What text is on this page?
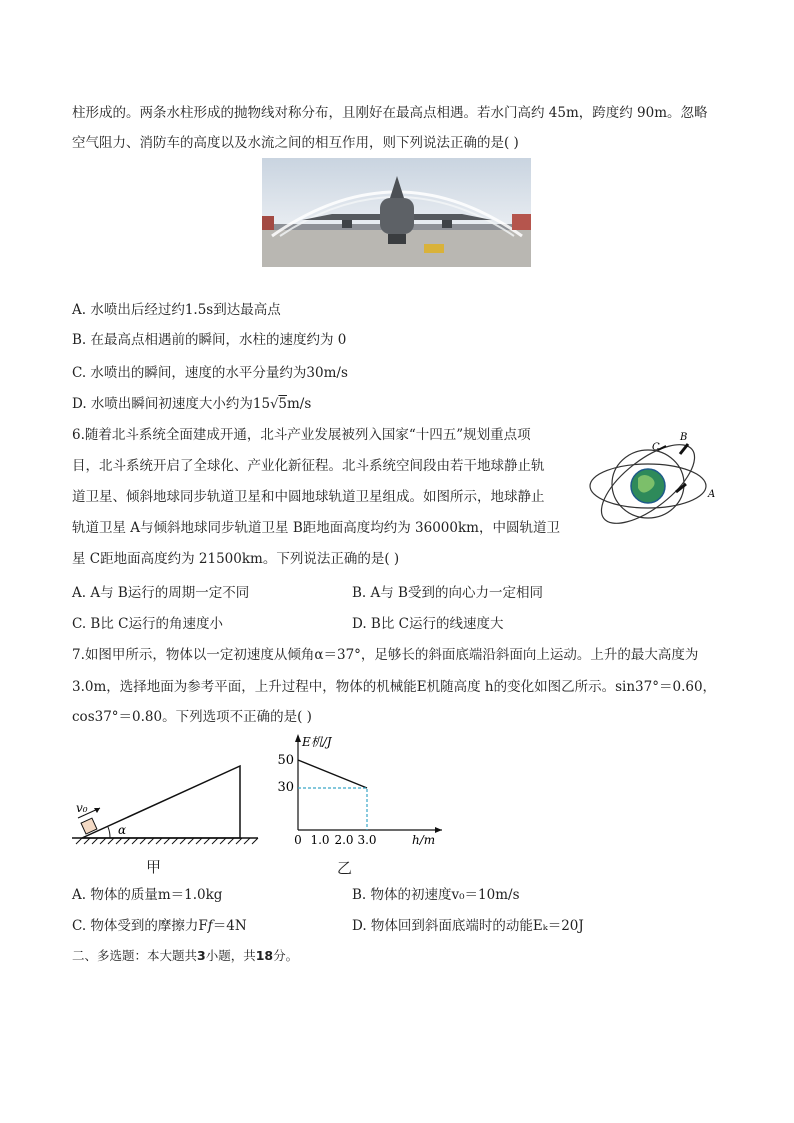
柱形成的。两条水柱形成的抛物线对称分布，且刚好在最高点相遇。若水门高约 45m，跨度约 90m。忽略
空气阻力、消防车的高度以及水流之间的相互作用，则下列说法正确的是( )
A. 水喷出后经过约1.5s到达最高点
B. 在最高点相遇前的瞬间，水柱的速度约为 0
C. 水喷出的瞬间，速度的水平分量约为30m/s
D. 水喷出瞬间初速度大小约为15√5m/s
6.随着北斗系统全面建成开通，北斗产业发展被列入国家“十四五”规划重点项
目，北斗系统开启了全球化、产业化新征程。北斗系统空间段由若干地球静止轨
道卫星、倾斜地球同步轨道卫星和中圆地球轨道卫星组成。如图所示，地球静止
轨道卫星 A与倾斜地球同步轨道卫星 B距地面高度均约为 36000km，中圆轨道卫
星 C距地面高度约为 21500km。下列说法正确的是( )
B
C
A
A. A与 B运行的周期一定不同	B. A与 B受到的向心力一定相同
C. B比 C运行的角速度小	D. B比 C运行的线速度大
7.如图甲所示，物体以一定初速度从倾角α＝37°，足够长的斜面底端沿斜面向上运动。上升的最大高度为
3.0m，选择地面为参考平面，上升过程中，物体的机械能E机随高度 h的变化如图乙所示。sin37°＝0.60，
cos37°＝0.80。下列选项不正确的是( )
v₀
α
甲
E机/J
h/m
50
30
0 1.0 2.0 3.0
乙
A. 物体的质量m＝1.0kg	B. 物体的初速度v₀＝10m/s
C. 物体受到的摩擦力F𝑓＝4N	D. 物体回到斜面底端时的动能Eₖ＝20J
二、多选题：本大题共3小题，共18分。
